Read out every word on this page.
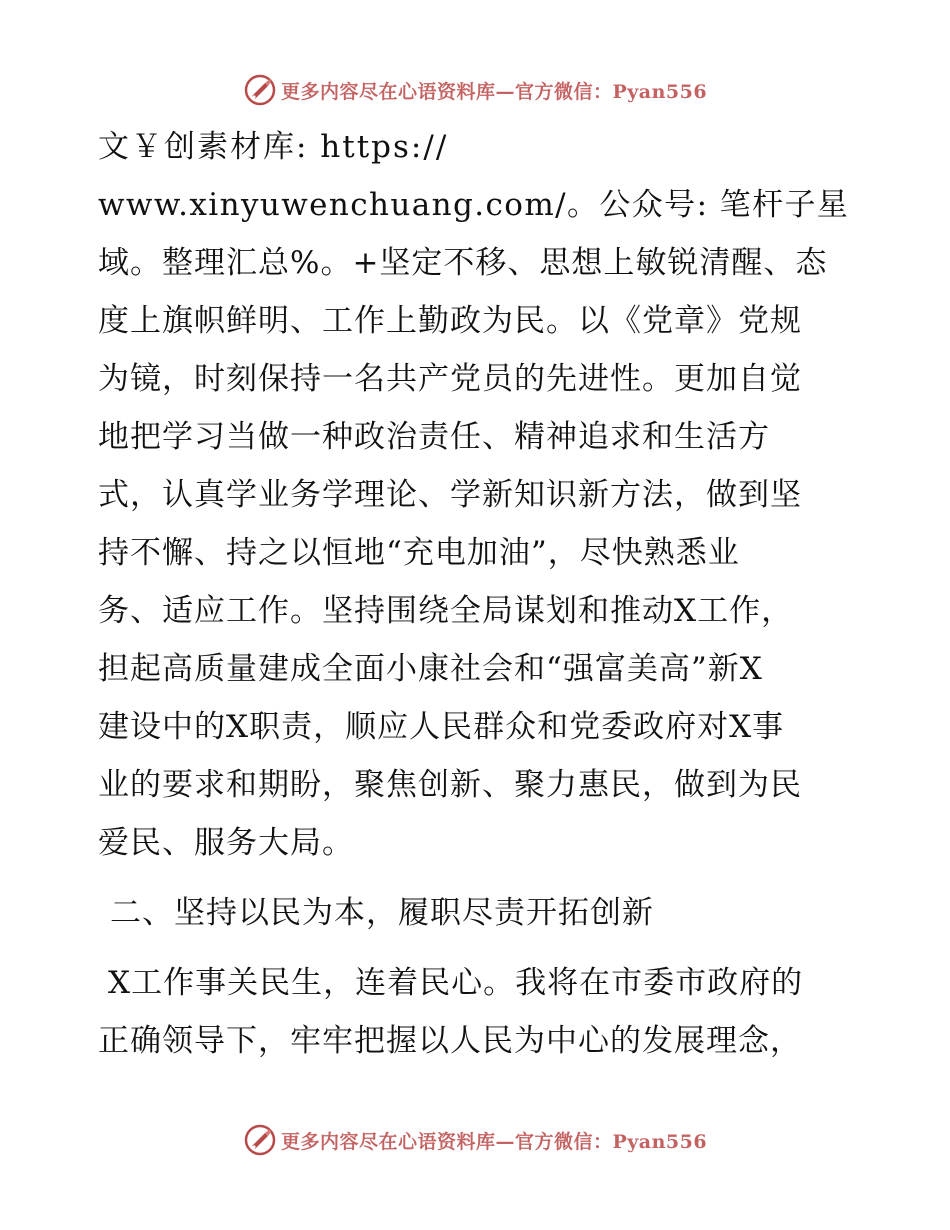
更多内容尽在心语资料库—官方微信：Pyan556
文￥创素材库: https://
www.xinyuwenchuang.com/。公众号: 笔杆子星
域。整理汇总%。+坚定不移、思想上敏锐清醒、态
度上旗帜鲜明、工作上勤政为民。以《党章》党规
为镜，时刻保持一名共产党员的先进性。更加自觉
地把学习当做一种政治责任、精神追求和生活方
式，认真学业务学理论、学新知识新方法，做到坚
持不懈、持之以恒地“充电加油”，尽快熟悉业
务、适应工作。坚持围绕全局谋划和推动X工作，
担起高质量建成全面小康社会和“强富美高”新X
建设中的X职责，顺应人民群众和党委政府对X事
业的要求和期盼，聚焦创新、聚力惠民，做到为民
爱民、服务大局。
二、坚持以民为本，履职尽责开拓创新
X工作事关民生，连着民心。我将在市委市政府的
正确领导下，牢牢把握以人民为中心的发展理念，
更多内容尽在心语资料库—官方微信：Pyan556
